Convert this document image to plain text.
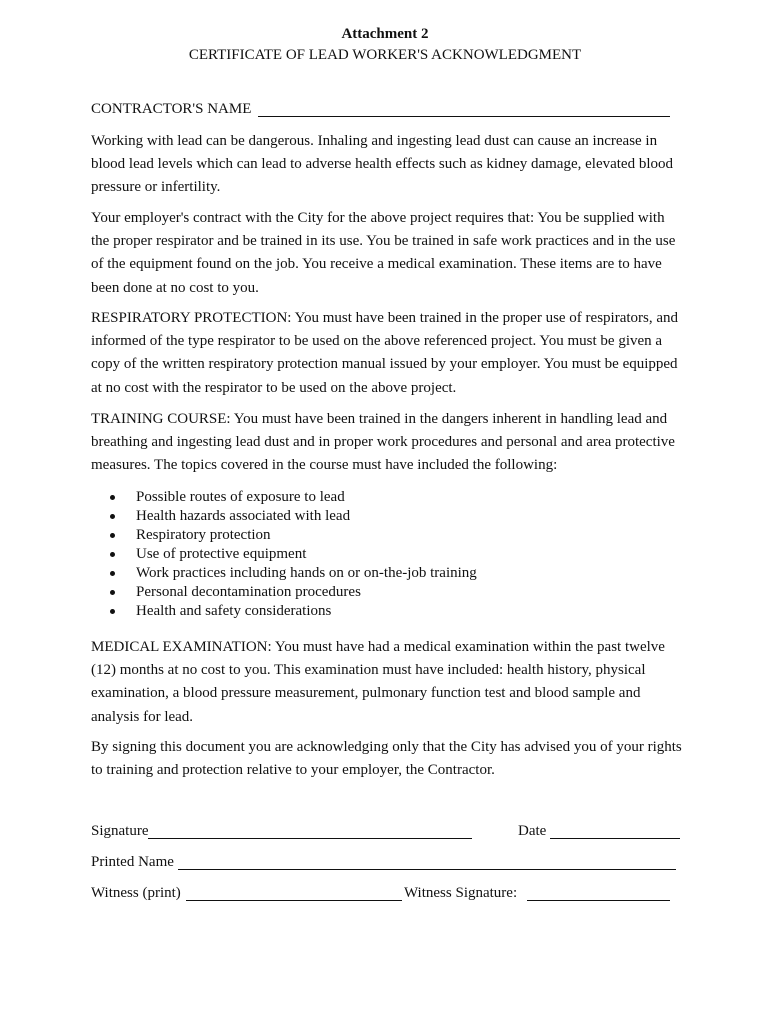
Attachment 2
CERTIFICATE OF LEAD WORKER'S ACKNOWLEDGMENT
CONTRACTOR'S NAME
Working with lead can be dangerous. Inhaling and ingesting lead dust can cause an increase in blood lead levels which can lead to adverse health effects such as kidney damage, elevated blood pressure or infertility.
Your employer's contract with the City for the above project requires that: You be supplied with the proper respirator and be trained in its use. You be trained in safe work practices and in the use of the equipment found on the job. You receive a medical examination. These items are to have been done at no cost to you.
RESPIRATORY PROTECTION: You must have been trained in the proper use of respirators, and informed of the type respirator to be used on the above referenced project. You must be given a copy of the written respiratory protection manual issued by your employer. You must be equipped at no cost with the respirator to be used on the above project.
TRAINING COURSE: You must have been trained in the dangers inherent in handling lead and breathing and ingesting lead dust and in proper work procedures and personal and area protective measures. The topics covered in the course must have included the following:
Possible routes of exposure to lead
Health hazards associated with lead
Respiratory protection
Use of protective equipment
Work practices including hands on or on-the-job training
Personal decontamination procedures
Health and safety considerations
MEDICAL EXAMINATION: You must have had a medical examination within the past twelve (12) months at no cost to you. This examination must have included: health history, physical examination, a blood pressure measurement, pulmonary function test and blood sample and analysis for lead.
By signing this document you are acknowledging only that the City has advised you of your rights to training and protection relative to your employer, the Contractor.
Signature	Date
Printed Name
Witness (print)	Witness Signature:
